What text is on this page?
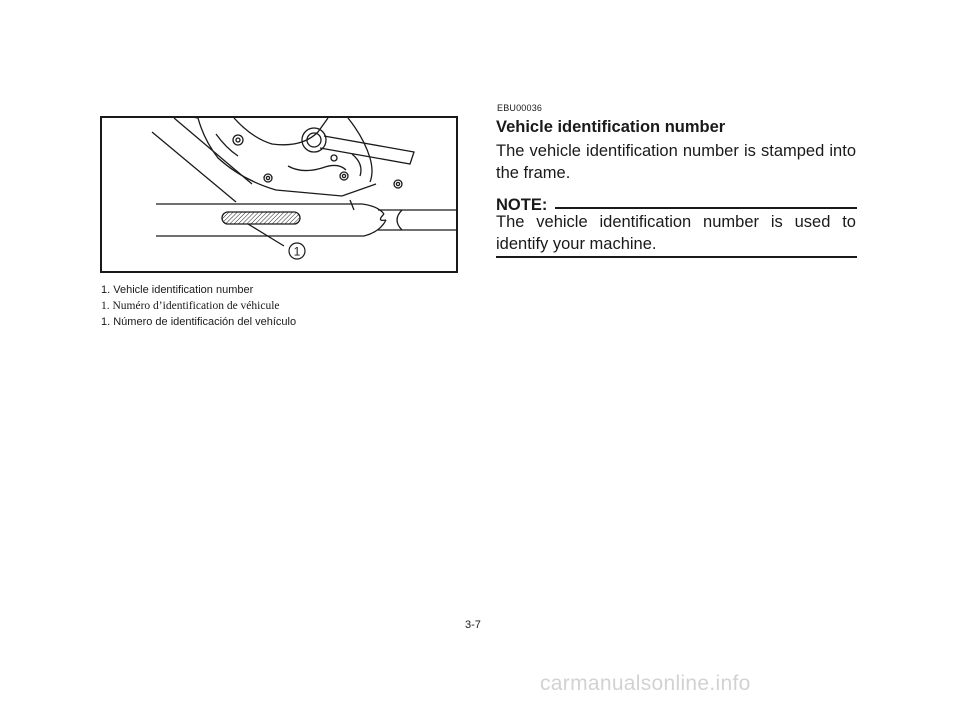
1
1. Vehicle identification number
1. Numéro d’identification de véhicule
1. Número de identificación del vehículo
EBU00036
Vehicle identification number
The vehicle identification number is stamped into the frame.
NOTE:
The vehicle identification number is used to identify your machine.
3-7
carmanualsonline.info
